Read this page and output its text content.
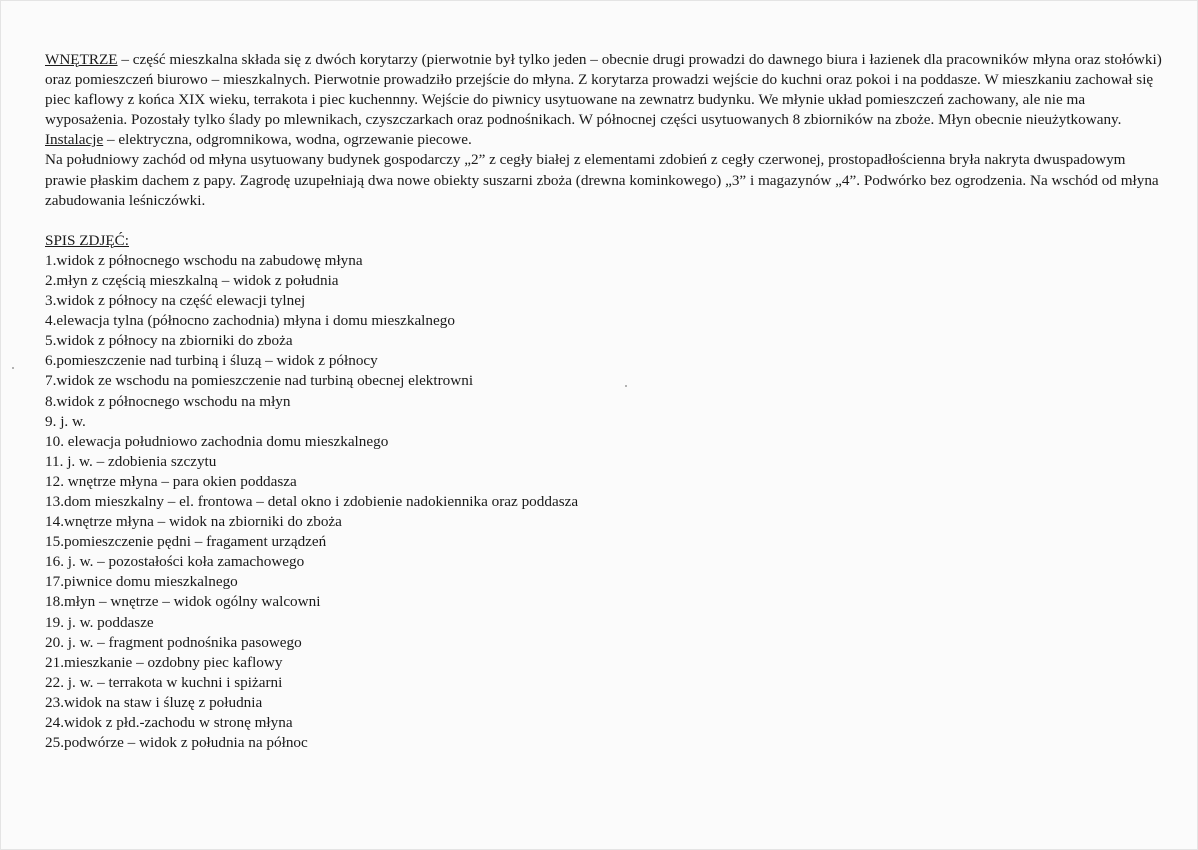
WNĘTRZE – część mieszkalna składa się z dwóch korytarzy (pierwotnie był tylko jeden – obecnie drugi prowadzi do dawnego biura i łazienek dla pracowników młyna oraz stołówki) oraz pomieszczeń biurowo – mieszkalnych. Pierwotnie prowadziło przejście do młyna. Z korytarza prowadzi wejście do kuchni oraz pokoi i na poddasze. W mieszkaniu zachował się piec kaflowy z końca XIX wieku, terrakota i piec kuchennny. Wejście do piwnicy usytuowane na zewnatrz budynku. We młynie układ pomieszczeń zachowany, ale nie ma wyposażenia. Pozostały tylko ślady po mlewnikach, czyszczarkach oraz podnośnikach. W północnej części usytuowanych 8 zbiorników na zboże. Młyn obecnie nieużytkowany.

Instalacje – elektryczna, odgromnikowa, wodna, ogrzewanie piecowe.

Na południowy zachód od młyna usytuowany budynek gospodarczy „2” z cegły białej z elementami zdobień z cegły czerwonej, prostopadłościenna bryła nakryta dwuspadowym prawie płaskim dachem z papy. Zagrodę uzupełniają dwa nowe obiekty suszarni zboża (drewna kominkowego) „3” i magazynów „4”. Podwórko bez ogrodzenia. Na wschód od młyna zabudowania leśniczówki.

SPIS ZDJĘĆ:

1.widok z północnego wschodu na zabudowę młyna
2.młyn z częścią mieszkalną – widok z południa
3.widok z północy na część elewacji tylnej
4.elewacja tylna (północno zachodnia) młyna i domu mieszkalnego
5.widok z północy na zbiorniki do zboża
6.pomieszczenie nad turbiną i śluzą – widok z północy
7.widok ze wschodu na pomieszczenie nad turbiną obecnej elektrowni
8.widok z północnego wschodu na młyn
9. j. w.
10. elewacja południowo zachodnia domu mieszkalnego
11. j. w. – zdobienia szczytu
12. wnętrze młyna – para okien poddasza
13.dom mieszkalny – el. frontowa – detal okno i zdobienie nadokiennika oraz poddasza
14.wnętrze młyna – widok na zbiorniki do zboża
15.pomieszczenie pędni – fragament urządzeń
16. j. w. – pozostałości koła zamachowego
17.piwnice domu mieszkalnego
18.młyn – wnętrze – widok ogólny walcowni
19. j. w. poddasze
20. j. w. – fragment podnośnika pasowego
21.mieszkanie – ozdobny piec kaflowy
22. j. w. – terrakota w kuchni i spiżarni
23.widok na staw i śluzę z południa
24.widok z płd.-zachodu w stronę młyna
25.podwórze – widok z południa na północ
